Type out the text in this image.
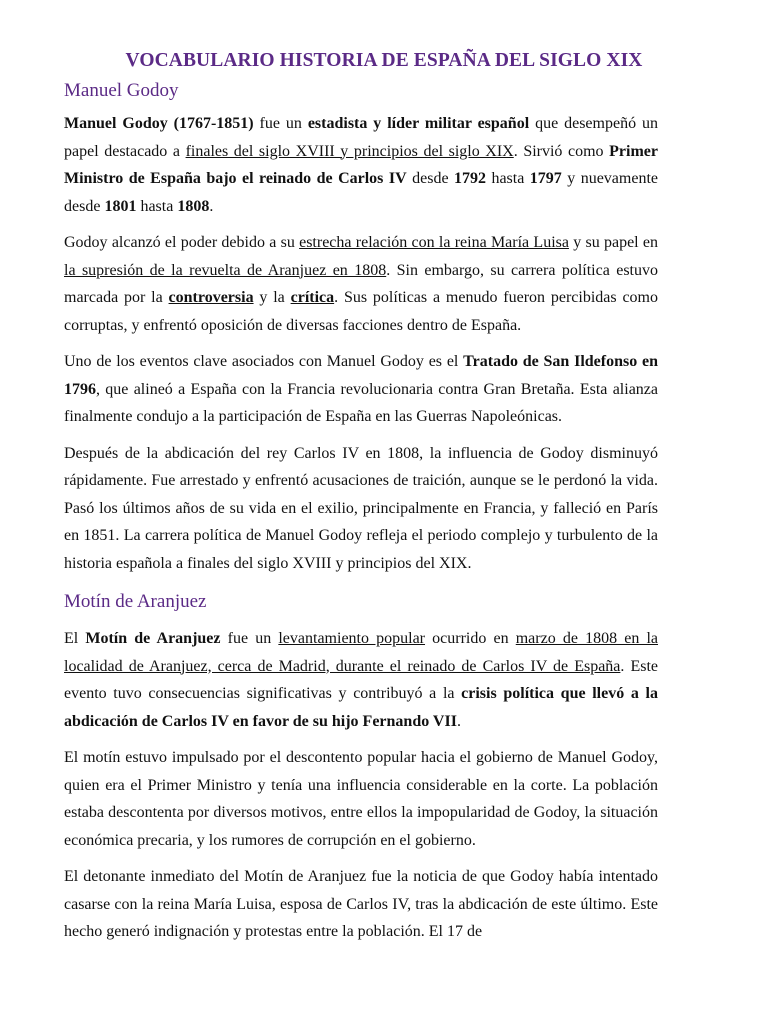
VOCABULARIO HISTORIA DE ESPAÑA DEL SIGLO XIX
Manuel Godoy

Manuel Godoy (1767-1851) fue un estadista y líder militar español que desempeñó un papel destacado a finales del siglo XVIII y principios del siglo XIX. Sirvió como Primer Ministro de España bajo el reinado de Carlos IV desde 1792 hasta 1797 y nuevamente desde 1801 hasta 1808.

Godoy alcanzó el poder debido a su estrecha relación con la reina María Luisa y su papel en la supresión de la revuelta de Aranjuez en 1808. Sin embargo, su carrera política estuvo marcada por la controversia y la crítica. Sus políticas a menudo fueron percibidas como corruptas, y enfrentó oposición de diversas facciones dentro de España.

Uno de los eventos clave asociados con Manuel Godoy es el Tratado de San Ildefonso en 1796, que alineó a España con la Francia revolucionaria contra Gran Bretaña. Esta alianza finalmente condujo a la participación de España en las Guerras Napoleónicas.

Después de la abdicación del rey Carlos IV en 1808, la influencia de Godoy disminuyó rápidamente. Fue arrestado y enfrentó acusaciones de traición, aunque se le perdonó la vida. Pasó los últimos años de su vida en el exilio, principalmente en Francia, y falleció en París en 1851. La carrera política de Manuel Godoy refleja el periodo complejo y turbulento de la historia española a finales del siglo XVIII y principios del XIX.

Motín de Aranjuez

El Motín de Aranjuez fue un levantamiento popular ocurrido en marzo de 1808 en la localidad de Aranjuez, cerca de Madrid, durante el reinado de Carlos IV de España. Este evento tuvo consecuencias significativas y contribuyó a la crisis política que llevó a la abdicación de Carlos IV en favor de su hijo Fernando VII.

El motín estuvo impulsado por el descontento popular hacia el gobierno de Manuel Godoy, quien era el Primer Ministro y tenía una influencia considerable en la corte. La población estaba descontenta por diversos motivos, entre ellos la impopularidad de Godoy, la situación económica precaria, y los rumores de corrupción en el gobierno.

El detonante inmediato del Motín de Aranjuez fue la noticia de que Godoy había intentado casarse con la reina María Luisa, esposa de Carlos IV, tras la abdicación de este último. Este hecho generó indignación y protestas entre la población. El 17 de
